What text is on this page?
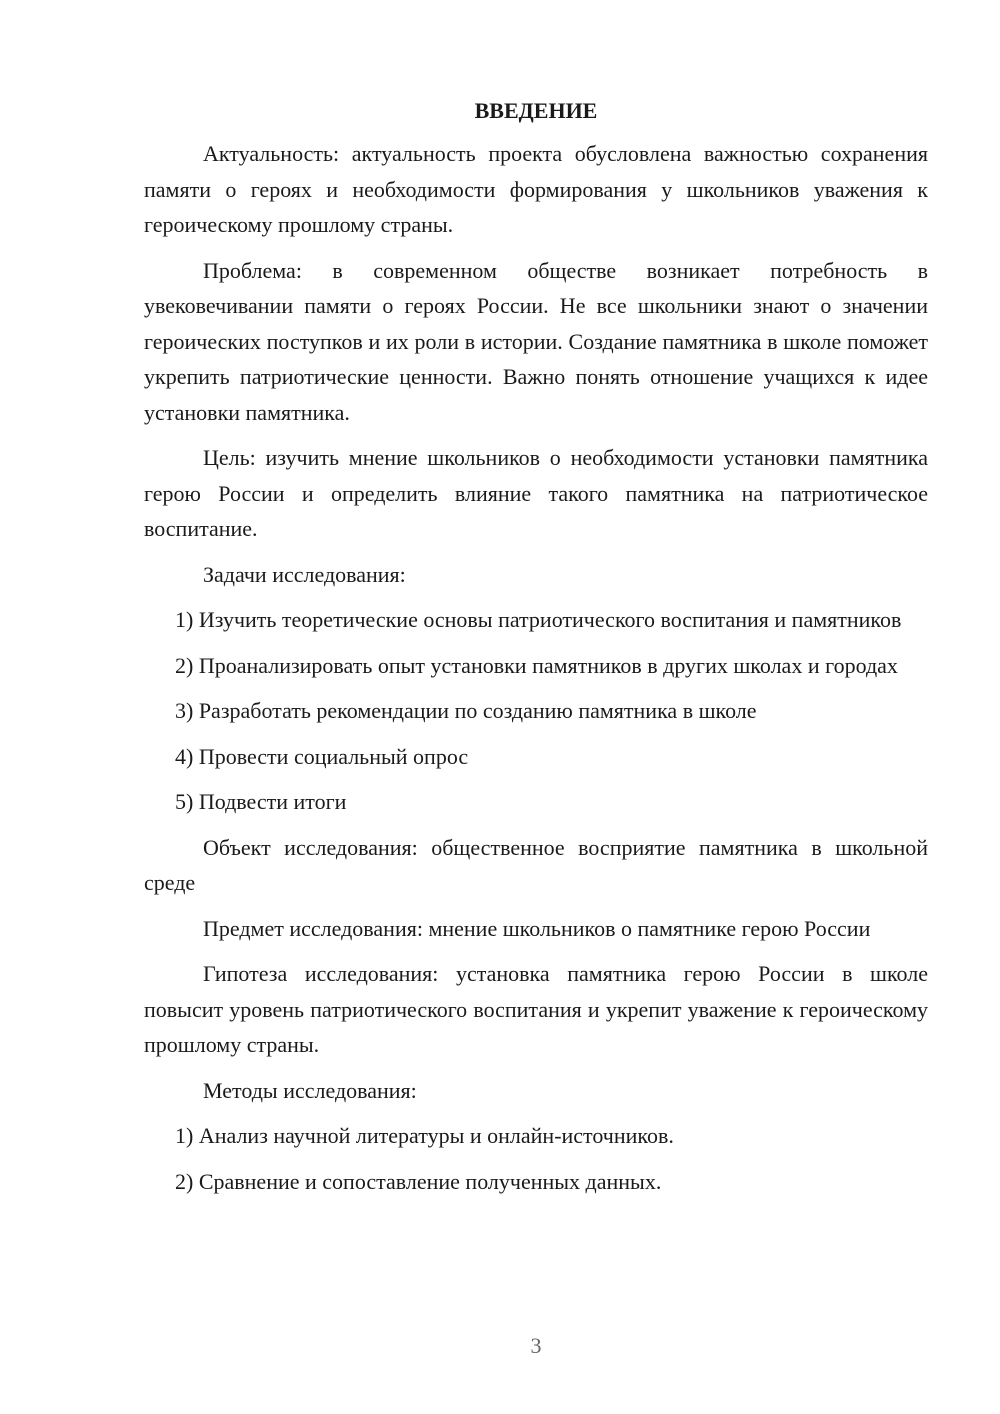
ВВЕДЕНИЕ
Актуальность: актуальность проекта обусловлена важностью сохранения памяти о героях и необходимости формирования у школьников уважения к героическому прошлому страны.
Проблема: в современном обществе возникает потребность в увековечивании памяти о героях России. Не все школьники знают о значении героических поступков и их роли в истории. Создание памятника в школе поможет укрепить патриотические ценности. Важно понять отношение учащихся к идее установки памятника.
Цель: изучить мнение школьников о необходимости установки памятника герою России и определить влияние такого памятника на патриотическое воспитание.
Задачи исследования:
1) Изучить теоретические основы патриотического воспитания и памятников
2) Проанализировать опыт установки памятников в других школах и городах
3) Разработать рекомендации по созданию памятника в школе
4) Провести социальный опрос
5) Подвести итоги
Объект исследования: общественное восприятие памятника в школьной среде
Предмет исследования: мнение школьников о памятнике герою России
Гипотеза исследования: установка памятника герою России в школе повысит уровень патриотического воспитания и укрепит уважение к героическому прошлому страны.
Методы исследования:
1) Анализ научной литературы и онлайн-источников.
2) Сравнение и сопоставление полученных данных.
3
